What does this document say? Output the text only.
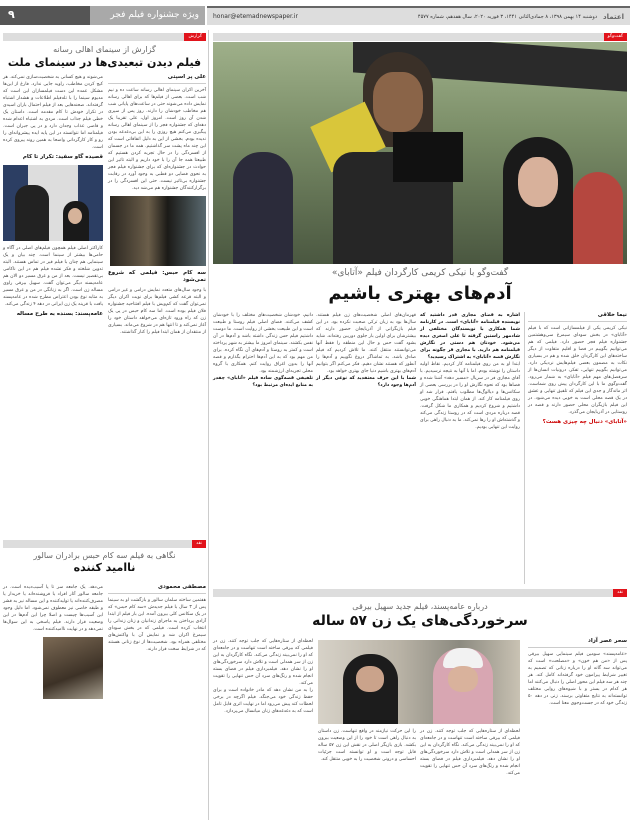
۹	ویژه جشنواره فیلم فجر	اعتماد
دوشنبه ۱۴ بهمن ۱۳۹۸، ۸ جمادی‌الثانی ۱۴۴۱، ۳ فوریه ۲۰۲۰، سال هفدهم، شماره ۴۵۷۷
honar@etemadnewspaper.ir
گزارش
گزارش از سینمای اهالی رسانه
فیلم دیدن تبعیدی‌ها در سینمای ملت
علی‌ پر اسپتی
آخرین اکران سینمای اهالی رسانه ساعت ده و نیم شب است. بعضی از فیلم‌ها که برای اهالی رسانه نمایش داده می‌شوند حتی در ساعت‌های پایانی شب هم مخاطب خودشان را دارند. روز پس از سپری شدن آن روز است. امروز اول، علی تقریبا یک دهه‌ای که جشنواره فجر را از سینمای اهالی رسانه پیگیری می‌کنم هیچ روزی را به این بی‌دغدغه بودن ندیده بودم. بخشی از این به دلیل اتفاقاتی است که این چند ماه پشت سر گذاشتیم. همه ما در جسمان از افسردگی را در حال تجربه کردن هستیم که طبیعتا همه جا آن را با خود داریم و البته تاثیر این حوادث در جشنواره‌ای که برای جشنواره فیلم فجر به نحوی فضایی دو قطبی به وجود آورد در رقابت جشنواره بی‌تاثیر نیست. حتی این افسردگی را در برگزارکنندگان جشنواره هم می‌شد دید.
سه کام حبس: فیلمی که شروع نمی‌شود
با وجود سال‌های متعدد نمایش درامی و غیر درامی و البته قرعه کشی فیلم‌ها برای نوبت اکران دیگر نمی‌توان گفت که کم‌ویش با فیلم افتتاحیه جشنواره فلان فیلم بوده است. اما سه کام حبس در پی یک زن که راه ورود تازه‌ای می‌خواهد داستان خود را آغاز نمی‌کند و تا انتها هم در شروع می‌ماند. بسیاری از منتقدان از همان ابتدا فیلم را کنار گذاشتند.
می‌شوند و هیچ کسانی به شخصیت‌سازی نمی‌کند. هر کیج کردن مخاطب، راوید جایی ندارد. فارغ از این‌ها مشکل عمده این دست فیلمسازان این است که مدیوم سینما را با تله‌فیلم اطلاعات و هشدار اشتباه گرفته‌اند. صحنه‌هایی بعد از فیلم احتمال باران اسیدی در تکرار خودش تا کام مقدمه است. داستان یک خطی فیلم جذاب است. مردی به اشتباه اعدام شده و قاضی عذاب وجدان دارد و در پی جبران است. فیلمنامه اما نتوانسته در این پایه ایده پیشروانه‌ای را رو و کار کارگردانی واضحا به همین روند پیروی کرده است.
قصیده گاو سفید: تکرار تا کام
کاراکتر اصلی فیلم همچون فیلم‌های اصلی در آگاه و حامی‌ها بیشتر از سینما است. چند بیان و یک سینمایی هم چنان با فیلم قیر در تماس هستند. البته تدوین شلخته و فکر نشده فیلم هم در این ناکامی بی‌تقصیر نیست. بعد از من و غرق مسیر دو الان هم عامه‌پسند دیگر می‌توان گفت. سهیل بیرقی راوی مساله زن است. اگر به زنانگی در من و عرق مسیر به مثابه نوع بودن اعتراض مطرح شده در عامه‌پسند یافت با قرینه یک زن ایرانی در دهه ۴ زندگی می‌کند.
عامه‌پسند: بسنده به طرح مساله
نقد
نگاهی به فیلم سه کام حبس برادران سالور
ناامید کننده
مصطفی محمودی
هفتمین ساخته سلمان سالور و بازگشت او به سینما پس از ۳ سال با فیلم جدیدش «سه کام حبس» که در یک سکانس کلی بیرون آمده. این بار فیلم از ابتدا آزادی پرداختن به ماجرای زندانیان و زنان زندانی را انتخاب کرده است. فیلمی که در بخش سودای سیمرغ اکران شد و نمایش آن با واکنش‌های مختلفی همراه بود. شخصیت‌ها از نوع زنانی هستند که در شرایط سخت قرار دارند.
می‌دهد. یک جامعه سر تا پا آسیب‌دیده است. در جامعه سالور آثار افراد یا فروشنده‌اند یا خریدار یا مصرف‌کننده‌اند یا تولیدکننده و این مساله نیز به قشر و طبقه خاصی نیز معطوف نمی‌شود. اما دلیل وجود این آسیب‌ها چیست و اصلا چرا این آدم‌ها در این وضعیت قرار دارند. فیلم پاسخی به این سوال‌ها نمی‌دهد و در نهایت ناامیدکننده است.
گفت‌وگو
گفت‌وگو با نیکی کریمی کارگردان فیلم «آتابای»
آدم‌های بهتری باشیم
نیما خلاقی
نیکی کریمی یکی از فیلمسازانی است که با فیلم «آتابای» در بخش سودای سیمرغ سی‌وهشتمین جشنواره فیلم فجر حضور دارد. فیلمی که هم می‌توانیم بگوییم در فضا و اقلیم متفاوت از دیگر ساخته‌های این کارگردان خلق شده و هم در بسیاری نکات به مضمون بعضی فیلم‌هایش نزدیکی دارد. می‌توانیم بگوییم تنهایی، تفکر، درونیات انسان‌ها از سرفصل‌های مهم فیلم «آتابای» به شمار می‌رود. گفت‌وگوی ما با این کارگردان پیش روی شماست. اثر ماندگار و جدی این فیلم که تلفیق تنهایی و عشق در یک قصه محلی است به خوبی دیده می‌شود. در این فیلم بازیگران محلی حضور دارند و قصه در روستایی در آذربایجان می‌گذرد.
«آتابای» دنبال چه چیزی هست؟
اشاره به فضای مجازی قدر داشتید که نویسنده فیلمنامه «آتابای» است. در کارنامه شما همکاری با نویسندگان مختلفی از شادمهر راستین گرفته تا علی اصغری دیده می‌شود. خودتان هم دستی در نگارش فیلمنامه هم دارید. با مجازی فر چگونه برای نگارش قصه «آتابای» به اشتراک رسیدید؟
ابتدا او به من روی فیلمنامه کار کردیم. نقاط اولیه داستان را نوشته بودم. اما با آنها به نتیجه نرسیدیم. با آقای مجازی فر در سریال «مسیر دهه» آشنا شده و فضاها بود که نحوه نگارش او را در بررسی بعضی از سکانس‌ها و دیالوگ‌ها مطلوب یافتم. قرار شد او روی فیلمنامه کار کند. از همان ابتدا هماهنگی خوبی داشتیم و شروع کردیم و همکاری ما شکل گرفت. قصه درباره مردی است که در روستا زندگی می‌کند و گذشته‌اش او را رها نمی‌کند. ما به دنبال راهی برای روایت این تنهایی بودیم.
قهرمان‌های اصلی شخصیت‌های زن فیلم هستند. سال‌ها بود به زبان ترکی صحبت نکرده بود. در این فیلم بازیگرانی از آذربایجان حضور دارند که بیشترشان برای اولین بار جلوی دوربین رفته‌اند. شاید بشود گفت حس و حال این منطقه را فقط آنها می‌توانستند منتقل کنند. ما تلاش کردیم که فیلم صادق باشد. به تماشاگر دروغ نگوییم و آدم‌ها را آنطور که هستند نشان دهیم. فکر می‌کنم اگر بتوانیم آدم‌های بهتری باشیم دنیا جای بهتری خواهد بود.
شما با این حرف معتقدید که نوعی دیگر از آدم‌ها وجود دارد؟
دانیم، خودشان شخصیت‌های مختلف را با خودشان کشف می‌کنند. فضای اصلی فیلم روستا و طبیعت است و این طبیعت بخشی از روایت است. ما دوست داشتیم فیلم حس زندگی داشته باشد و آدم‌ها در آن نفس بکشند. سینمای امروز ما بیشتر به شهر پرداخته است و کمتر به روستا و آدم‌های آن نگاه کرده. برای من مهم بود که به این آدم‌ها احترام بگذارم و قصه آنها را بدون اغراق روایت کنم. همکاری با گروه محلی تجربه‌ای ارزشمند بود.
تلفیقی قصه‌گوی ساده فیلم «آتابای» چقدر به منابع ایده‌ای مرتبط بود؟
نقد
درباره عامه‌پسند، فیلم جدید سهیل بیرقی
سرخوردگی‌های یک زن ۵۷ ساله
سحر عصر آزاد
«عامه‌پسند» سومین فیلم سینمایی سهیل بیرقی پس از «من هم خون» و «مصلحت» است که می‌تواند سه گانه او را درباره زنانی که تصمیم به تغییر شرایط پیرامون خود گرفته‌اند کامل کند. هر چند هر سه فیلم این محور اصلی را دنبال می‌کنند اما هر کدام در بستر و با شیوه‌های روایی مختلف توانسته‌اند به نتایج متفاوتی برسند. زنی در دهه ۵۰ زندگی خود که در جست‌وجوی معنا است.
لحظه‌ای از ستاره‌هایی که جلب توجه کنند. زن در فیلمی که بیرقی ساخته است تنهاست و در جامعه‌ای که او را نمی‌بیند زندگی می‌کند. نگاه کارگردان به این زن از سر همدلی است و تلاش دارد سرخوردگی‌های او را نشان دهد. فیلمبرداری فیلم در فضای بسته انجام شده و رنگ‌های سرد آن حس تنهایی را تقویت می‌کند.
را این حرکت نیازمند در واقع تنهاست. زن داستان به دنبال راهی است تا خود را از این وضعیت بیرون بکشد. بازی بازیگر اصلی در نقش این زن ۵۷ ساله قابل توجه است و او توانسته است جزئیات احساسی و درونی شخصیت را به خوبی منتقل کند.
لحظه‌ای از ستاره‌هایی که جلب توجه کنند. زن در فیلمی که بیرقی ساخته است تنهاست و در جامعه‌ای که او را نمی‌بیند زندگی می‌کند. نگاه کارگردان به این زن از سر همدلی است و تلاش دارد سرخوردگی‌های او را نشان دهد. فیلمبرداری فیلم در فضای بسته انجام شده و رنگ‌های سرد آن حس تنهایی را تقویت می‌کند.
را به من نشان دهد که مادر خانواده است و برای حفظ زندگی خود می‌جنگد. فیلم اگرچه در برخی لحظات کند پیش می‌رود اما در نهایت اثری قابل تامل است که به دغدغه‌های زنان میانسال می‌پردازد.
